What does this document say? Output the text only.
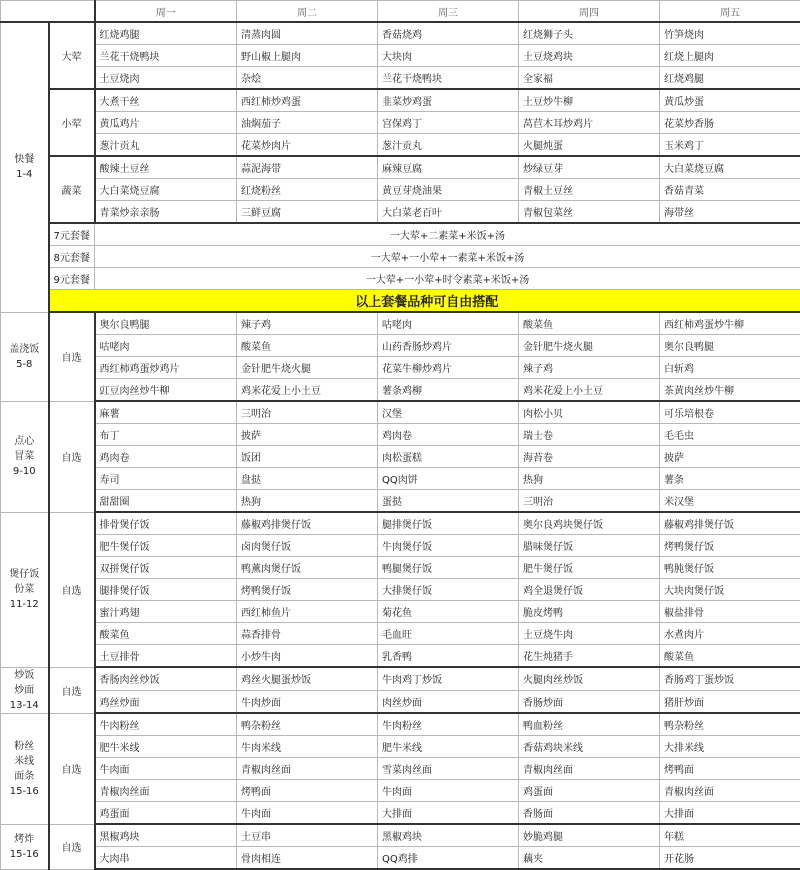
		周一	周二	周三	周四	周五

快餐
1-4	大荤	红烧鸡腿	清蒸肉圆	香菇烧鸡	红烧狮子头	竹笋烧肉
		兰花干烧鸭块	野山椒上腿肉	大块肉	土豆烧鸡块	红烧上腿肉
		土豆烧肉	杂烩	兰花干烧鸭块	全家福	红烧鸡腿
	小荤	大煮干丝	西红柿炒鸡蛋	韭菜炒鸡蛋	土豆炒牛柳	黄瓜炒蛋
		黄瓜鸡片	油焖茄子	宫保鸡丁	莴苣木耳炒鸡片	花菜炒香肠
		葱汁贡丸	花菜炒肉片	葱汁贡丸	火腿炖蛋	玉米鸡丁
	蔬菜	酸辣土豆丝	蒜泥海带	麻辣豆腐	炒绿豆芽	大白菜烧豆腐
		大白菜烧豆腐	红烧粉丝	黄豆芽烧油果	青椒土豆丝	香菇青菜
		青菜炒亲亲肠	三鲜豆腐	大白菜老百叶	青椒包菜丝	海带丝
	7元套餐	一大荤+二素菜+米饭+汤				
	8元套餐	一大荤+一小荤+一素菜+米饭+汤				
	9元套餐	一大荤+一小荤+时令素菜+米饭+汤				
	以上套餐品种可自由搭配					

盖浇饭
5-8	自选	奥尔良鸭腿	辣子鸡	咕咾肉	酸菜鱼	西红柿鸡蛋炒牛柳
		咕咾肉	酸菜鱼	山药香肠炒鸡片	金针肥牛烧火腿	奥尔良鸭腿
		西红柿鸡蛋炒鸡片	金针肥牛烧火腿	花菜牛柳炒鸡片	辣子鸡	白斩鸡
		豇豆肉丝炒牛柳	鸡米花爱上小土豆	薯条鸡柳	鸡米花爱上小土豆	茶黄肉丝炒牛柳

点心
冒菜
9-10	自选	麻薯	三明治	汉堡	肉松小贝	可乐培根卷
		布丁	披萨	鸡肉卷	瑞士卷	毛毛虫
		鸡肉卷	饭团	肉松蛋糕	海苔卷	披萨
		寿司	盘挞	QQ肉饼	热狗	薯条
		甜甜圈	热狗	蛋挞	三明治	米汉堡

煲仔饭
份菜
11-12	自选	排骨煲仔饭	藤椒鸡排煲仔饭	腿排煲仔饭	奥尔良鸡块煲仔饭	藤椒鸡排煲仔饭
		肥牛煲仔饭	卤肉煲仔饭	牛肉煲仔饭	腊味煲仔饭	烤鸭煲仔饭
		双拼煲仔饭	鸭薰肉煲仔饭	鸭腿煲仔饭	肥牛煲仔饭	鸭肫煲仔饭
		腿排煲仔饭	烤鸭煲仔饭	大排煲仔饭	鸡全退煲仔饭	大块肉煲仔饭
		蜜汁鸡翅	西红柿鱼片	菊花鱼	脆皮烤鸭	椒盐排骨
		酸菜鱼	蒜香排骨	毛血旺	土豆烧牛肉	水煮肉片
		土豆排骨	小炒牛肉	乳香鸭	花生炖猪手	酸菜鱼

炒饭
炒面
13-14	自选	香肠肉丝炒饭	鸡丝火腿蛋炒饭	牛肉鸡丁炒饭	火腿肉丝炒饭	香肠鸡丁蛋炒饭
		鸡丝炒面	牛肉炒面	肉丝炒面	香肠炒面	猪肝炒面

粉丝
米线
面条
15-16	自选	牛肉粉丝	鸭杂粉丝	牛肉粉丝	鸭血粉丝	鸭杂粉丝
		肥牛米线	牛肉米线	肥牛米线	香菇鸡块米线	大排米线
		牛肉面	青椒肉丝面	雪菜肉丝面	青椒肉丝面	烤鸭面
		青椒肉丝面	烤鸭面	牛肉面	鸡蛋面	青椒肉丝面
		鸡蛋面	牛肉面	大排面	香肠面	大排面

烤炸
15-16	自选	黑椒鸡块	土豆串	黑椒鸡块	妙脆鸡腿	年糕
		大肉串	骨肉相连	QQ鸡排	藕夹	开花肠
